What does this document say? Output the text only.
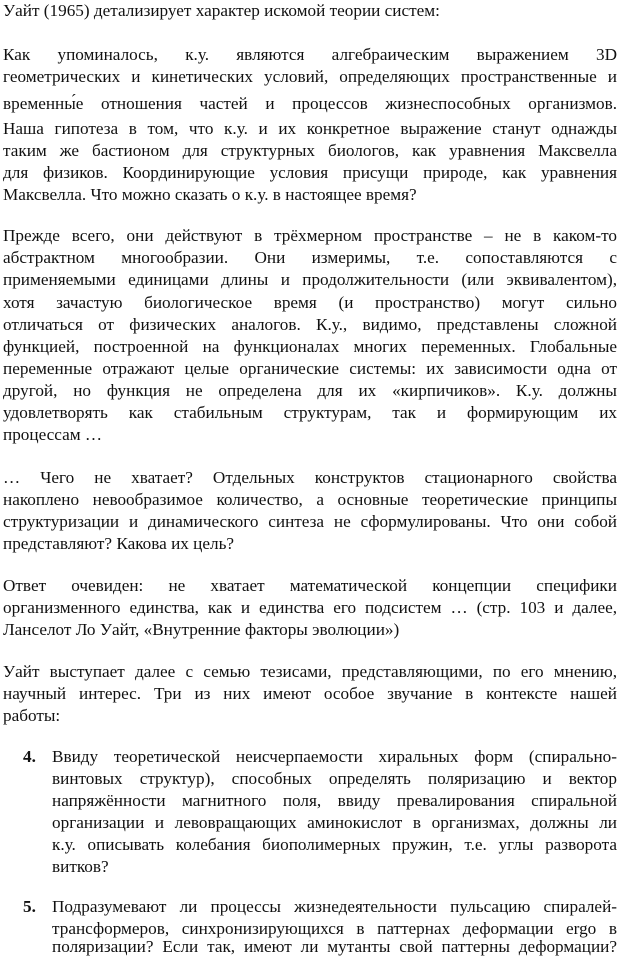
Уайт (1965) детализирует характер искомой теории систем:
Как упоминалось, к.у. являются алгебраическим выражением 3D
геометрических и кинетических условий, определяющих пространственные и
временны́е отношения частей и процессов жизнеспособных организмов.
Наша гипотеза в том, что к.у. и их конкретное выражение станут однажды
таким же бастионом для структурных биологов, как уравнения Максвелла
для физиков. Координирующие условия присущи природе, как уравнения
Максвелла. Что можно сказать о к.у. в настоящее время?
Прежде всего, они действуют в трёхмерном пространстве – не в каком-то
абстрактном многообразии. Они измеримы, т.е. сопоставляются с
применяемыми единицами длины и продолжительности (или эквивалентом),
хотя зачастую биологическое время (и пространство) могут сильно
отличаться от физических аналогов. К.у., видимо, представлены сложной
функцией, построенной на функционалах многих переменных. Глобальные
переменные отражают целые органические системы: их зависимости одна от
другой, но функция не определена для их «кирпичиков». К.у. должны
удовлетворять как стабильным структурам, так и формирующим их
процессам …
… Чего не хватает? Отдельных конструктов стационарного свойства
накоплено невообразимое количество, а основные теоретические принципы
структуризации и динамического синтеза не сформулированы. Что они собой
представляют? Какова их цель?
Ответ очевиден: не хватает математической концепции специфики
организменного единства, как и единства его подсистем … (стр. 103 и далее,
Ланселот Ло Уайт, «Внутренние факторы эволюции»)
Уайт выступает далее с семью тезисами, представляющими, по его мнению,
научный интерес. Три из них имеют особое звучание в контексте нашей
работы:
4. Ввиду теоретической неисчерпаемости хиральных форм (спирально-
винтовых структур), способных определять поляризацию и вектор
напряжённости магнитного поля, ввиду превалирования спиральной
организации и левовращающих аминокислот в организмах, должны ли
к.у. описывать колебания биополимерных пружин, т.е. углы разворота
витков?
5. Подразумевают ли процессы жизнедеятельности пульсацию спиралей-
трансформеров, синхронизирующихся в паттернах деформации ergo в
поляризации? Если так, имеют ли мутанты свой паттерны деформации?
